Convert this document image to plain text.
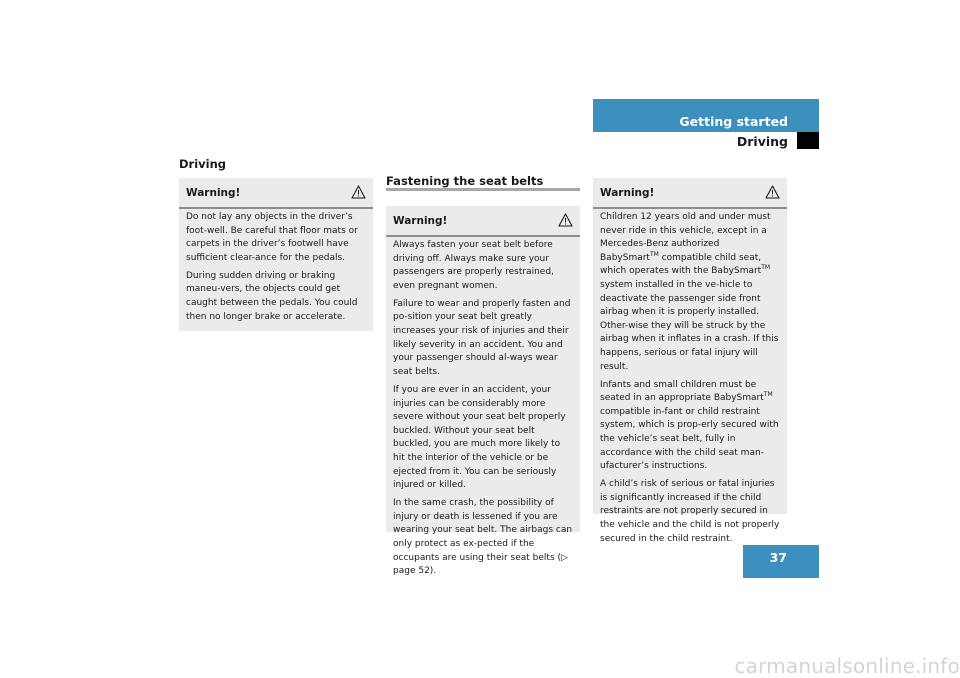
Getting started
Driving
Driving
Warning!

Do not lay any objects in the driver’s foot-well. Be careful that floor mats or carpets in the driver’s footwell have sufficient clear-ance for the pedals.

During sudden driving or braking maneu-vers, the objects could get caught between the pedals. You could then no longer brake or accelerate.

Fastening the seat belts
Warning!

Always fasten your seat belt before driving off. Always make sure your passengers are properly restrained, even pregnant women.

Failure to wear and properly fasten and po-sition your seat belt greatly increases your risk of injuries and their likely severity in an accident. You and your passenger should al-ways wear seat belts.

If you are ever in an accident, your injuries can be considerably more severe without your seat belt properly buckled. Without your seat belt buckled, you are much more likely to hit the interior of the vehicle or be ejected from it. You can be seriously injured or killed.

In the same crash, the possibility of injury or death is lessened if you are wearing your seat belt. The airbags can only protect as ex-pected if the occupants are using their seat belts (▷ page 52).

Warning!

Children 12 years old and under must never ride in this vehicle, except in a Mercedes-Benz authorized BabySmart™ compatible child seat, which operates with the BabySmart™ system installed in the ve-hicle to deactivate the passenger side front airbag when it is properly installed. Other-wise they will be struck by the airbag when it inflates in a crash. If this happens, serious or fatal injury will result.

Infants and small children must be seated in an appropriate BabySmart™ compatible in-fant or child restraint system, which is prop-erly secured with the vehicle’s seat belt, fully in accordance with the child seat man-ufacturer’s instructions.

A child’s risk of serious or fatal injuries is significantly increased if the child restraints are not properly secured in the vehicle and the child is not properly secured in the child restraint.

37
carmanualsonline.info
